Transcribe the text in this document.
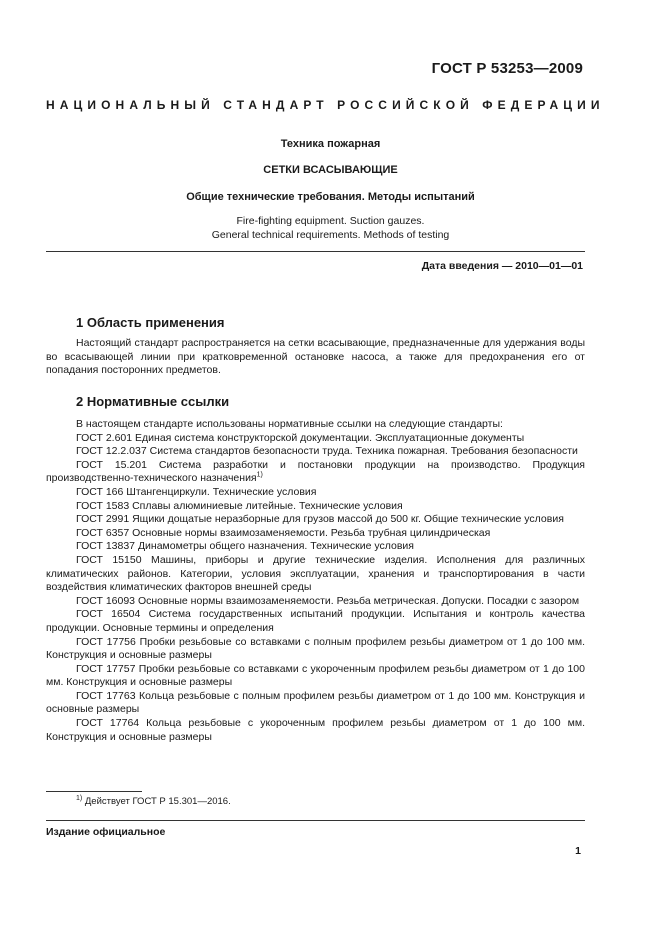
ГОСТ Р 53253—2009
НАЦИОНАЛЬНЫЙ СТАНДАРТ РОССИЙСКОЙ ФЕДЕРАЦИИ
Техника пожарная
СЕТКИ ВСАСЫВАЮЩИЕ
Общие технические требования. Методы испытаний
Fire-fighting equipment. Suction gauzes.
General technical requirements. Methods of testing
Дата введения — 2010—01—01
1 Область применения

Настоящий стандарт распространяется на сетки всасывающие, предназначенные для удержания воды во всасывающей линии при кратковременной остановке насоса, а также для предохранения его от попадания посторонних предметов.

2 Нормативные ссылки

В настоящем стандарте использованы нормативные ссылки на следующие стандарты:

ГОСТ 2.601 Единая система конструкторской документации. Эксплуатационные документы

ГОСТ 12.2.037 Система стандартов безопасности труда. Техника пожарная. Требования безопасности

ГОСТ 15.201 Система разработки и постановки продукции на производство. Продукция производственно-технического назначения$^{1)}$

ГОСТ 166 Штангенциркули. Технические условия

ГОСТ 1583 Сплавы алюминиевые литейные. Технические условия

ГОСТ 2991 Ящики дощатые неразборные для грузов массой до 500 кг. Общие технические условия

ГОСТ 6357 Основные нормы взаимозаменяемости. Резьба трубная цилиндрическая

ГОСТ 13837 Динамометры общего назначения. Технические условия

ГОСТ 15150 Машины, приборы и другие технические изделия. Исполнения для различных климатических районов. Категории, условия эксплуатации, хранения и транспортирования в части воздействия климатических факторов внешней среды

ГОСТ 16093 Основные нормы взаимозаменяемости. Резьба метрическая. Допуски. Посадки с зазором

ГОСТ 16504 Система государственных испытаний продукции. Испытания и контроль качества продукции. Основные термины и определения

ГОСТ 17756 Пробки резьбовые со вставками с полным профилем резьбы диаметром от 1 до 100 мм. Конструкция и основные размеры

ГОСТ 17757 Пробки резьбовые со вставками с укороченным профилем резьбы диаметром от 1 до 100 мм. Конструкция и основные размеры

ГОСТ 17763 Кольца резьбовые с полным профилем резьбы диаметром от 1 до 100 мм. Конструкция и основные размеры

ГОСТ 17764 Кольца резьбовые с укороченным профилем резьбы диаметром от 1 до 100 мм. Конструкция и основные размеры

$^{1)}$ Действует ГОСТ Р 15.301—2016.
Издание официальное
1
